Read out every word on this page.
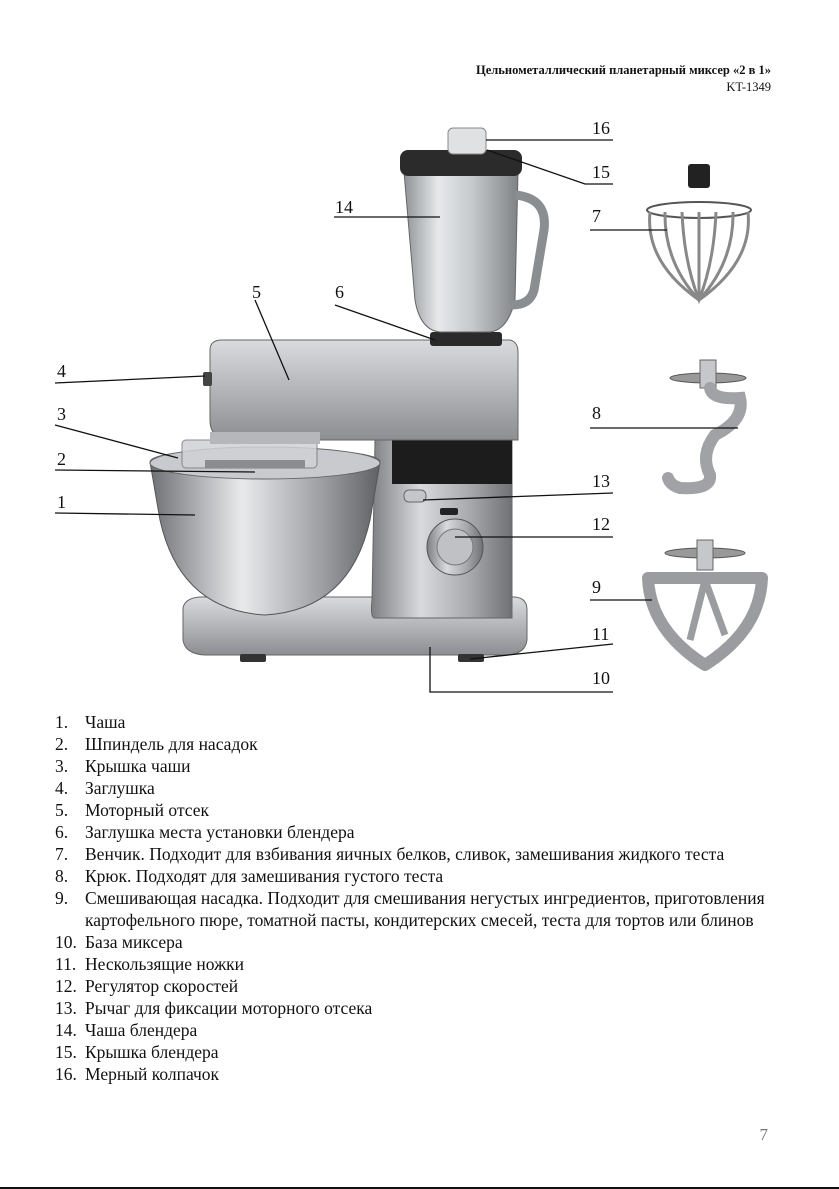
Цельнометаллический планетарный миксер «2 в 1»
KT-1349
16
15
7
14
5	6
4
3
2
1
8
13
12
9
11
10
1. Чаша
2. Шпиндель для насадок
3. Крышка чаши
4. Заглушка
5. Моторный отсек
6. Заглушка места установки блендера
7. Венчик. Подходит для взбивания яичных белков, сливок, замешивания жидкого теста
8. Крюк. Подходят для замешивания густого теста
9. Смешивающая насадка. Подходит для смешивания негустых ингредиентов, приготовления картофельного пюре, томатной пасты, кондитерских смесей, теста для тортов или блинов
10. База миксера
11. Нескользящие ножки
12. Регулятор скоростей
13. Рычаг для фиксации моторного отсека
14. Чаша блендера
15. Крышка блендера
16. Мерный колпачок
7
